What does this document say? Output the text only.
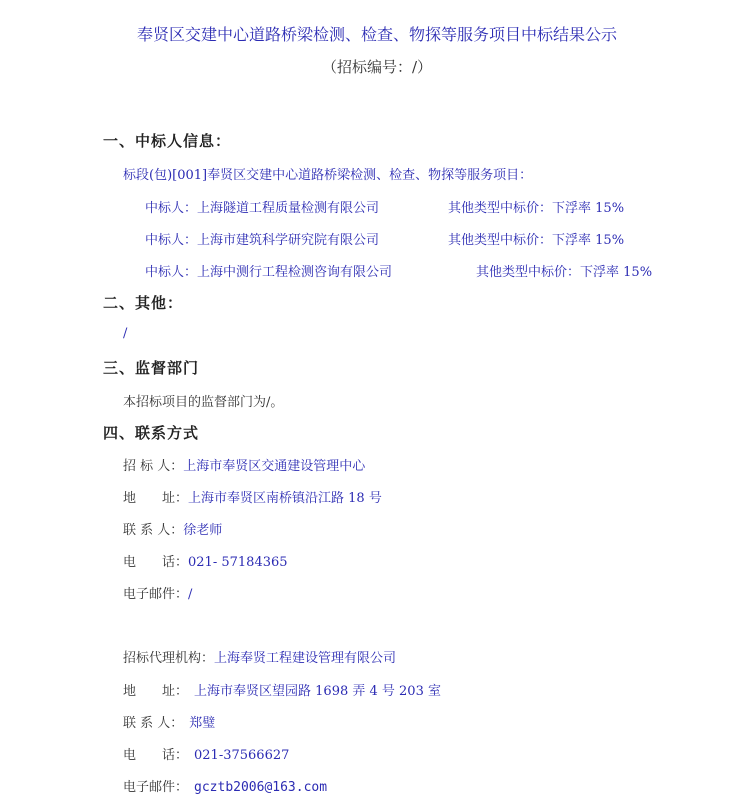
奉贤区交建中心道路桥梁检测、检查、物探等服务项目中标结果公示
（招标编号：/）
一、中标人信息：
标段(包)[001]奉贤区交建中心道路桥梁检测、检查、物探等服务项目：
中标人：上海隧道工程质量检测有限公司	其他类型中标价：下浮率 15%
中标人：上海市建筑科学研究院有限公司	其他类型中标价：下浮率 15%
中标人：上海中测行工程检测咨询有限公司	其他类型中标价：下浮率 15%
二、其他：
/
三、监督部门
本招标项目的监督部门为/。
四、联系方式
招 标 人：上海市奉贤区交通建设管理中心
地　　址：上海市奉贤区南桥镇沿江路 18 号
联 系 人：徐老师
电　　话：021- 57184365
电子邮件：/
招标代理机构：上海奉贤工程建设管理有限公司
地　　址： 上海市奉贤区望园路 1698 弄 4 号 203 室
联 系 人： 郑璧
电　　话： 021-37566627
电子邮件： gcztb2006@163.com
